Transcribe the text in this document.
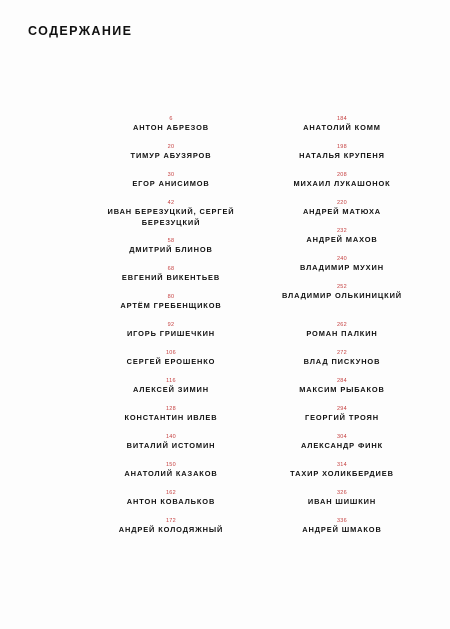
СОДЕРЖАНИЕ
6
АНТОН АБРЕЗОВ
20
ТИМУР АБУЗЯРОВ
30
ЕГОР АНИСИМОВ
42
ИВАН БЕРЕЗУЦКИЙ, СЕРГЕЙ БЕРЕЗУЦКИЙ
58
ДМИТРИЙ БЛИНОВ
68
ЕВГЕНИЙ ВИКЕНТЬЕВ
80
АРТЁМ ГРЕБЕНЩИКОВ
92
ИГОРЬ ГРИШЕЧКИН
106
СЕРГЕЙ ЕРОШЕНКО
116
АЛЕКСЕЙ ЗИМИН
128
КОНСТАНТИН ИВЛЕВ
140
ВИТАЛИЙ ИСТОМИН
150
АНАТОЛИЙ КАЗАКОВ
162
АНТОН КОВАЛЬКОВ
172
АНДРЕЙ КОЛОДЯЖНЫЙ
184
АНАТОЛИЙ КОММ
198
НАТАЛЬЯ КРУПЕНЯ
208
МИХАИЛ ЛУКАШОНОК
220
АНДРЕЙ МАТЮХА
232
АНДРЕЙ МАХОВ
240
ВЛАДИМИР МУХИН
252
ВЛАДИМИР ОЛЬКИНИЦКИЙ
262
РОМАН ПАЛКИН
272
ВЛАД ПИСКУНОВ
284
МАКСИМ РЫБАКОВ
294
ГЕОРГИЙ ТРОЯН
304
АЛЕКСАНДР ФИНК
314
ТАХИР ХОЛИКБЕРДИЕВ
326
ИВАН ШИШКИН
336
АНДРЕЙ ШМАКОВ
